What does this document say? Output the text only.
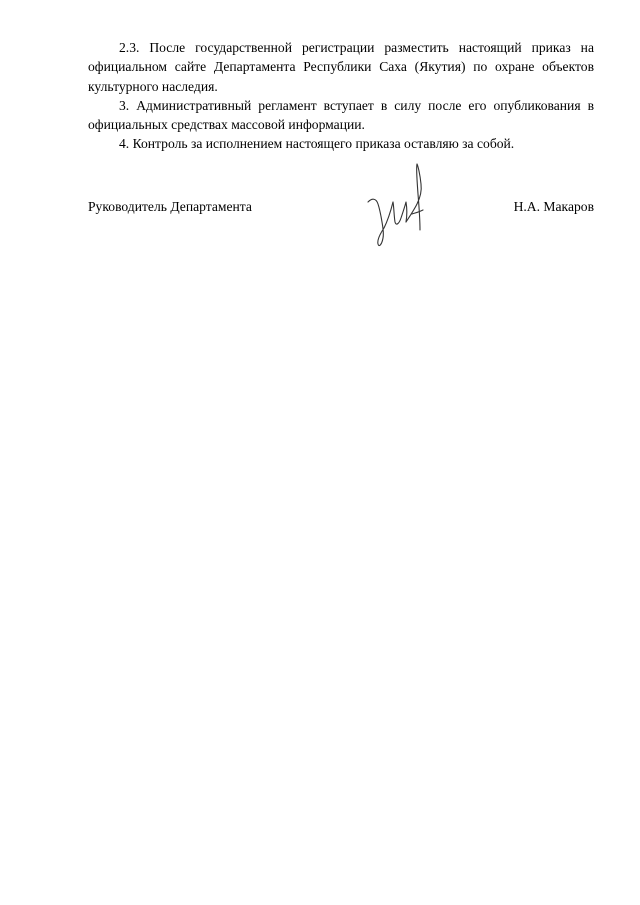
2.3. После государственной регистрации разместить настоящий приказ на официальном сайте Департамента Республики Саха (Якутия) по охране объектов культурного наследия.

3. Административный регламент вступает в силу после его опубликования в официальных средствах массовой информации.

4. Контроль за исполнением настоящего приказа оставляю за собой.

Руководитель Департамента	Н.А. Макаров
